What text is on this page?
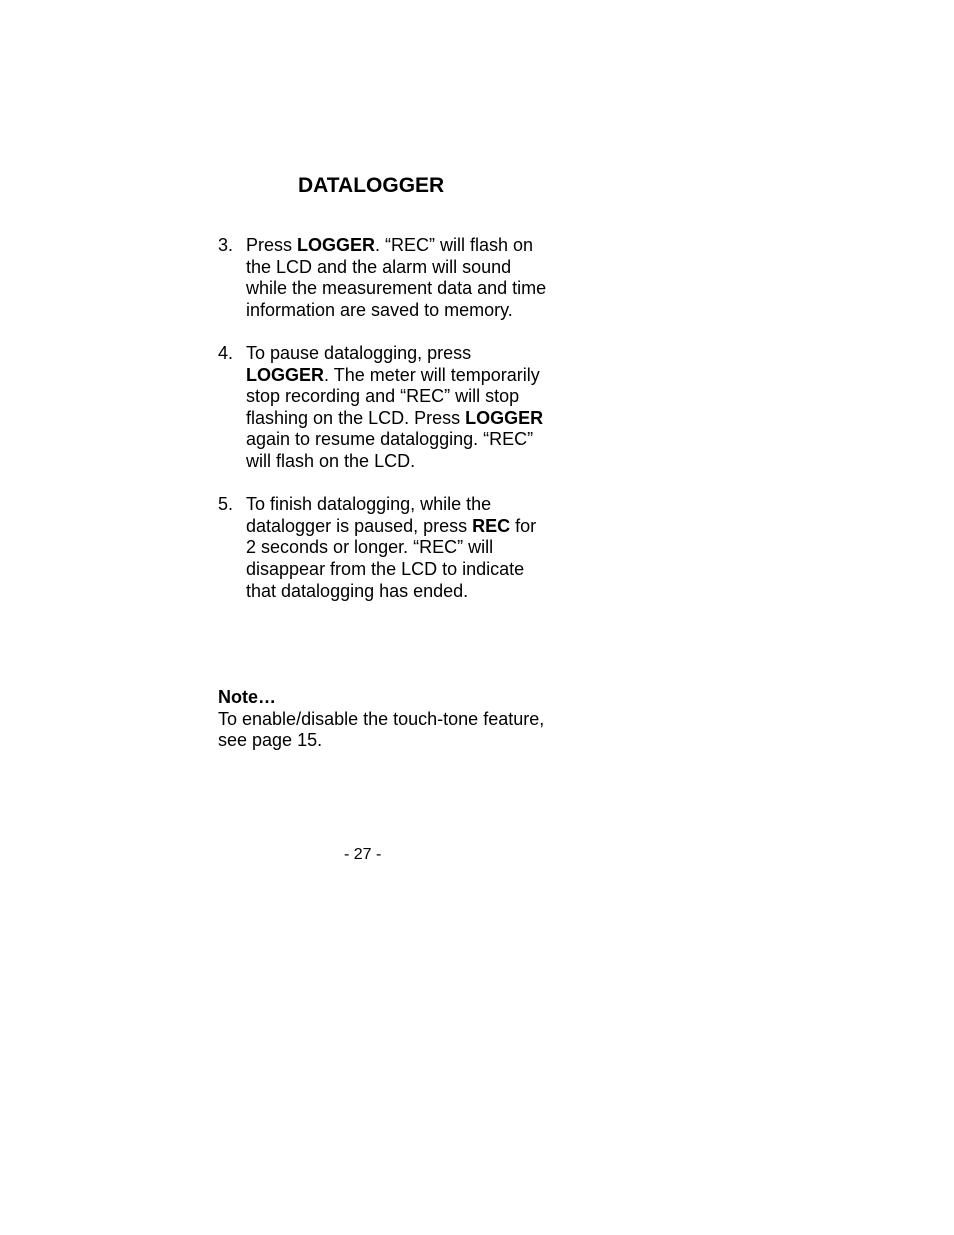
DATALOGGER
3. Press LOGGER. “REC” will flash on the LCD and the alarm will sound while the measurement data and time information are saved to memory.
4. To pause datalogging, press LOGGER. The meter will temporarily stop recording and “REC” will stop flashing on the LCD. Press LOGGER again to resume datalogging. “REC” will flash on the LCD.
5. To finish datalogging, while the datalogger is paused, press REC for 2 seconds or longer. “REC” will disappear from the LCD to indicate that datalogging has ended.
Note…
To enable/disable the touch-tone feature, see page 15.
- 27 -
